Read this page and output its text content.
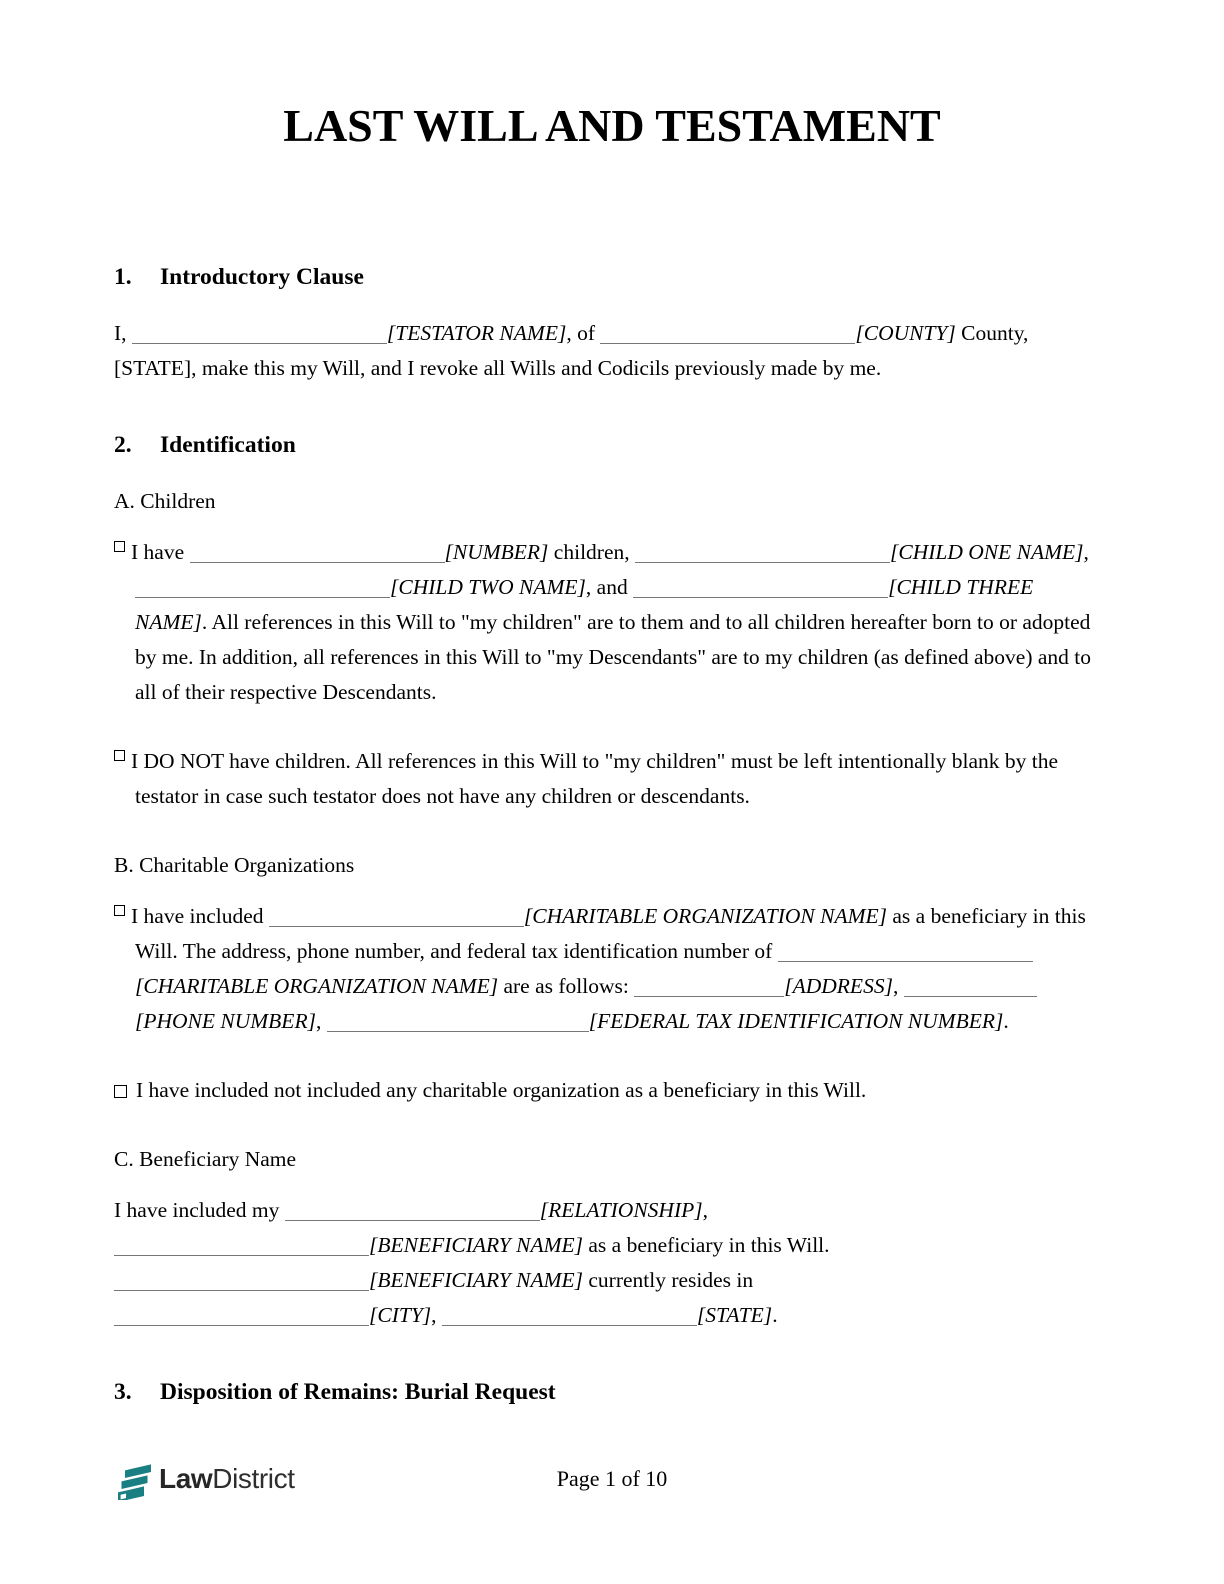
LAST WILL AND TESTAMENT
1.	Introductory Clause

I,	[TESTATOR NAME], of	[COUNTY] County, [STATE], make this my Will, and I revoke all Wills and Codicils previously made by me.

2.	Identification

A. Children

I have	[NUMBER] children,	[CHILD ONE NAME], [CHILD TWO NAME], and	[CHILD THREE NAME]. All references in this Will to "my children" are to them and to all children hereafter born to or adopted by me. In addition, all references in this Will to "my Descendants" are to my children (as defined above) and to all of their respective Descendants.

I DO NOT have children. All references in this Will to "my children" must be left intentionally blank by the testator in case such testator does not have any children or descendants.

B. Charitable Organizations

I have included	[CHARITABLE ORGANIZATION NAME] as a beneficiary in this Will. The address, phone number, and federal tax identification number of [CHARITABLE ORGANIZATION NAME] are as follows:	[ADDRESS], [PHONE NUMBER],	[FEDERAL TAX IDENTIFICATION NUMBER].

I have included not included any charitable organization as a beneficiary in this Will.

C. Beneficiary Name

I have included my	[RELATIONSHIP],
[BENEFICIARY NAME] as a beneficiary in this Will.
[BENEFICIARY NAME] currently resides in
[CITY],	[STATE].

3.	Disposition of Remains: Burial Request
LawDistrict	Page 1 of 10
